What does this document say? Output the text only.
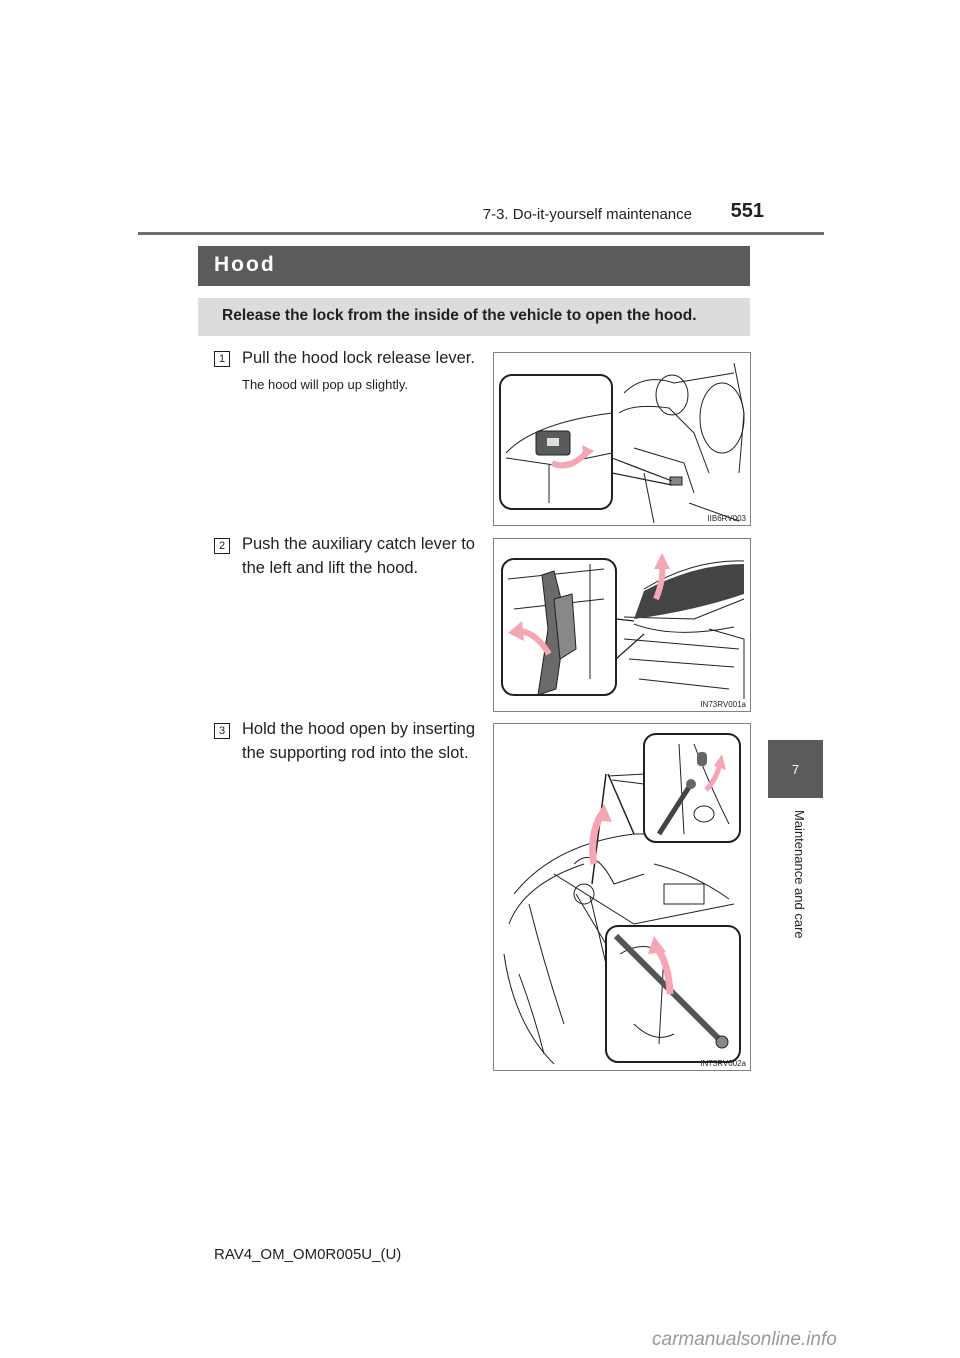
7-3. Do-it-yourself maintenance	551
Hood
Release the lock from the inside of the vehicle to open the hood.
1 Pull the hood lock release lever.
The hood will pop up slightly.
IIB6RV003
2 Push the auxiliary catch lever to the left and lift the hood.
IN73RV001a
3 Hold the hood open by inserting the supporting rod into the slot.
IN73RV002a
7
Maintenance and care
RAV4_OM_OM0R005U_(U)
carmanualsonline.info
